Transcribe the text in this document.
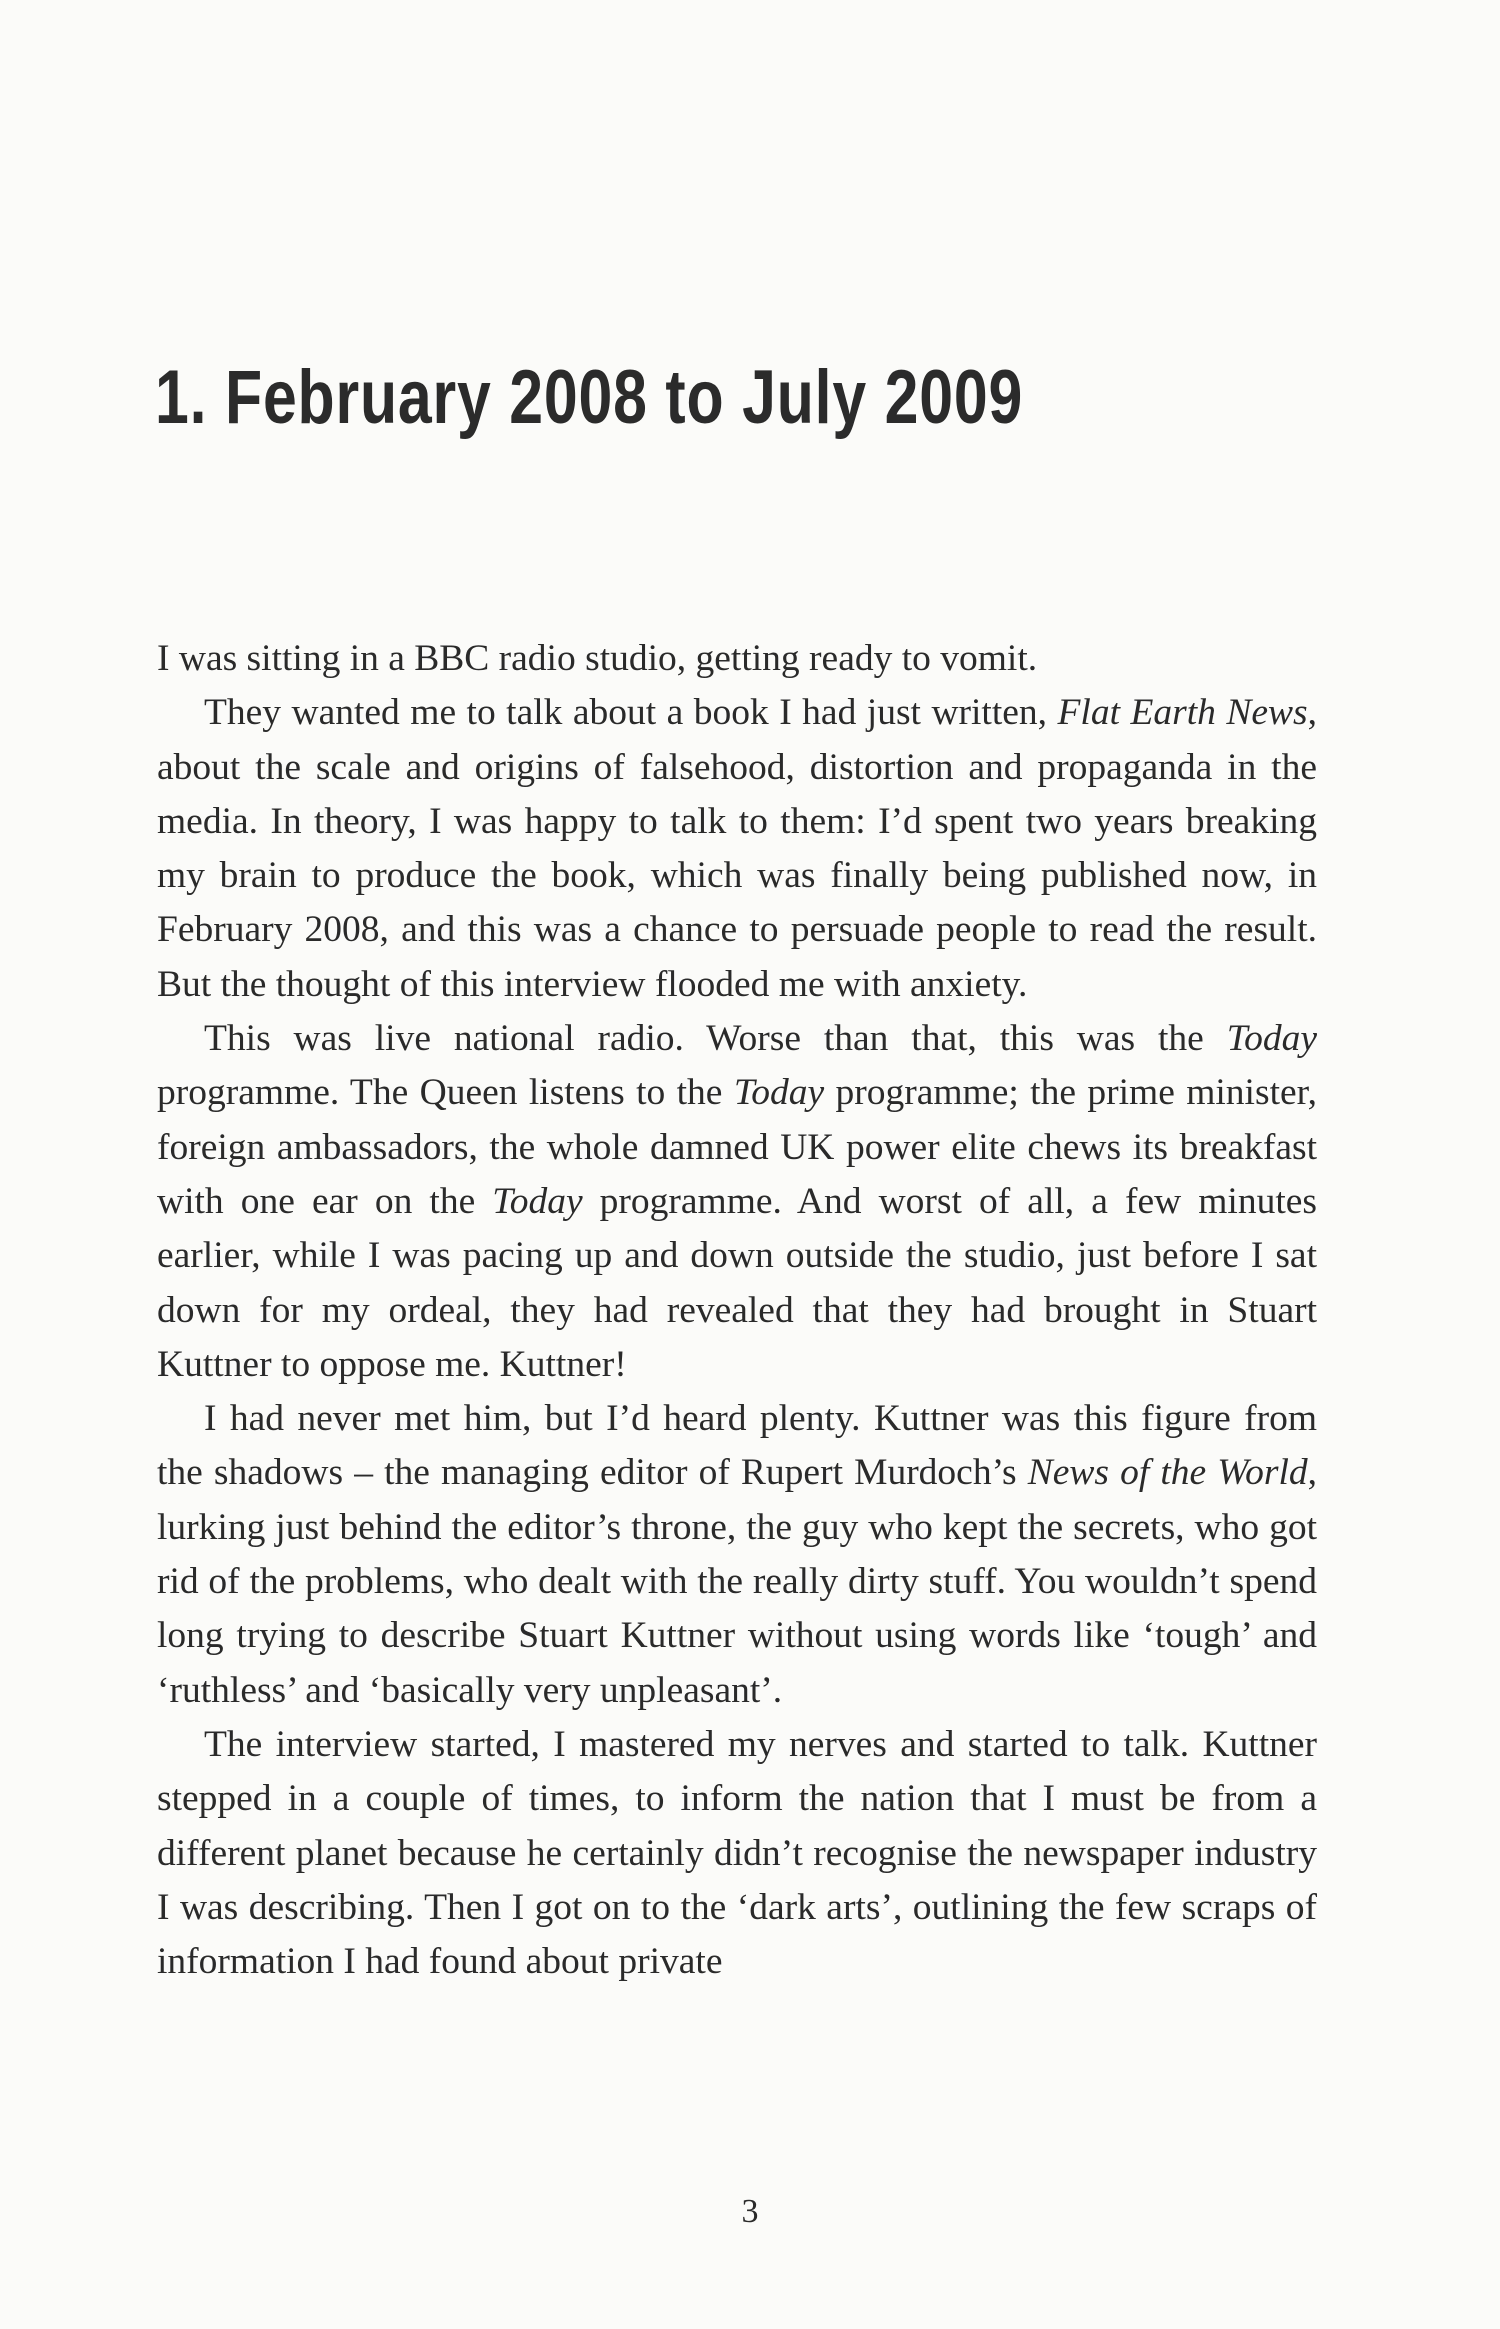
1. February 2008 to July 2009

I was sitting in a BBC radio studio, getting ready to vomit.

They wanted me to talk about a book I had just written, Flat Earth News, about the scale and origins of falsehood, distortion and propaganda in the media. In theory, I was happy to talk to them: I’d spent two years breaking my brain to produce the book, which was finally being published now, in February 2008, and this was a chance to persuade people to read the result. But the thought of this interview flooded me with anxiety.

This was live national radio. Worse than that, this was the Today programme. The Queen listens to the Today programme; the prime minister, foreign ambassadors, the whole damned UK power elite chews its breakfast with one ear on the Today programme. And worst of all, a few minutes earlier, while I was pacing up and down outside the studio, just before I sat down for my ordeal, they had revealed that they had brought in Stuart Kuttner to oppose me. Kuttner!

I had never met him, but I’d heard plenty. Kuttner was this figure from the shadows – the managing editor of Rupert Murdoch’s News of the World, lurking just behind the editor’s throne, the guy who kept the secrets, who got rid of the problems, who dealt with the really dirty stuff. You wouldn’t spend long trying to describe Stuart Kuttner without using words like ‘tough’ and ‘ruthless’ and ‘basically very unpleasant’.

The interview started, I mastered my nerves and started to talk. Kuttner stepped in a couple of times, to inform the nation that I must be from a different planet because he certainly didn’t recognise the newspaper industry I was describing. Then I got on to the ‘dark arts’, outlining the few scraps of information I had found about private

3
